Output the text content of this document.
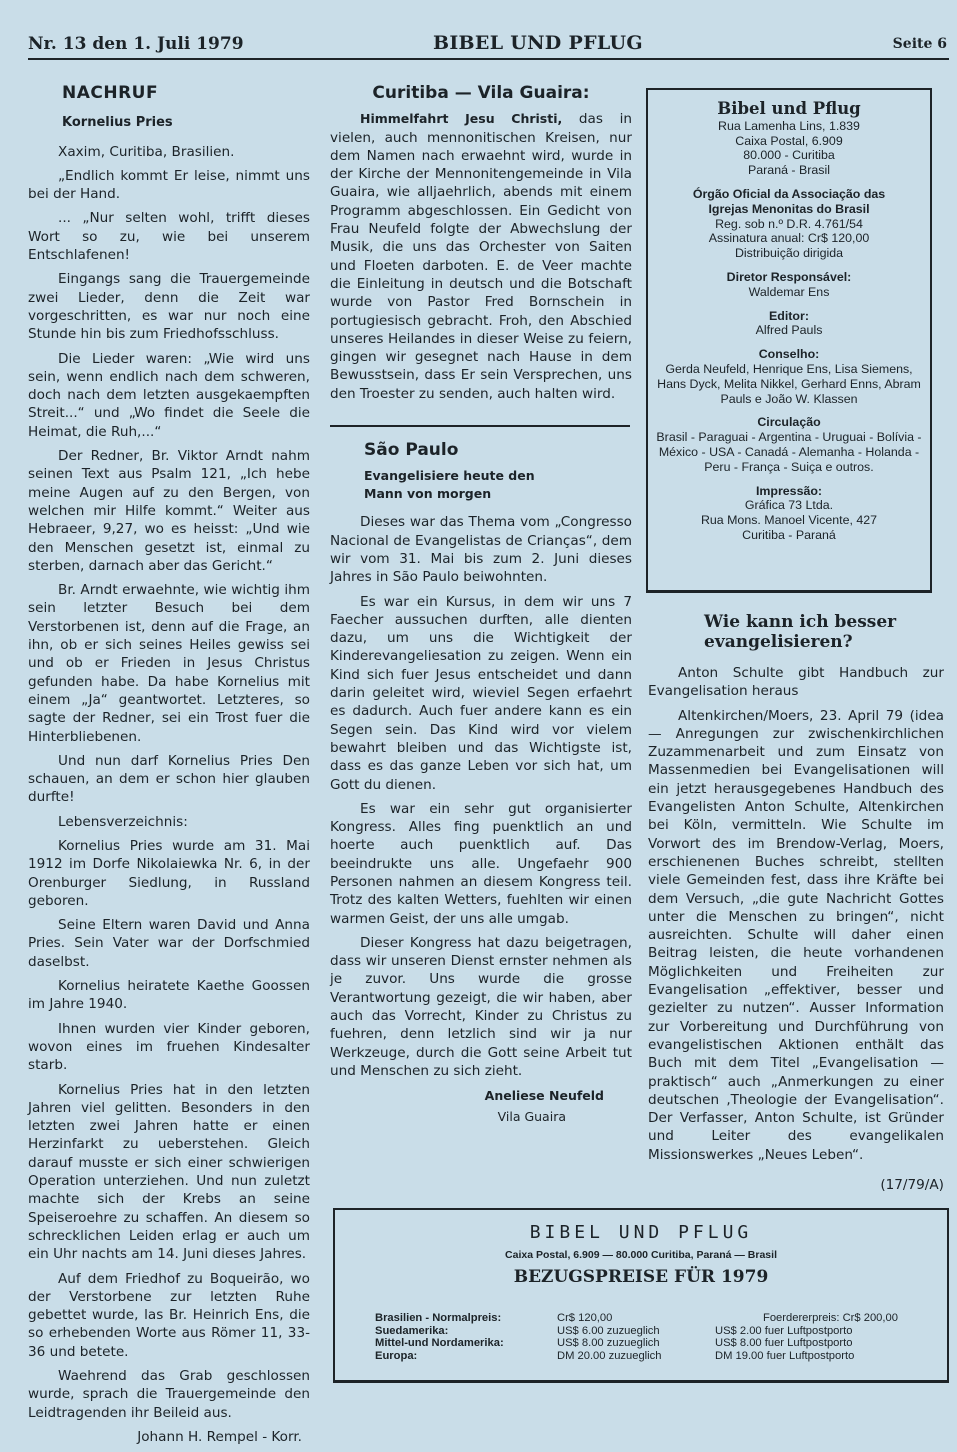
Nr. 13 den 1. Juli 1979	BIBEL UND PFLUG	Seite 6
NACHRUF
Kornelius Pries

Xaxim, Curitiba, Brasilien.

„Endlich kommt Er leise, nimmt uns bei der Hand.

... „Nur selten wohl, trifft dieses Wort so zu, wie bei unserem Entschlafenen!

Eingangs sang die Trauergemeinde zwei Lieder, denn die Zeit war vorgeschritten, es war nur noch eine Stunde hin bis zum Friedhofsschluss.

Die Lieder waren: „Wie wird uns sein, wenn endlich nach dem schweren, doch nach dem letzten ausgekaempften Streit...“ und „Wo findet die Seele die Heimat, die Ruh,...“

Der Redner, Br. Viktor Arndt nahm seinen Text aus Psalm 121, „Ich hebe meine Augen auf zu den Bergen, von welchen mir Hilfe kommt.“ Weiter aus Hebraeer, 9,27, wo es heisst: „Und wie den Menschen gesetzt ist, einmal zu sterben, darnach aber das Gericht.“

Br. Arndt erwaehnte, wie wichtig ihm sein letzter Besuch bei dem Verstorbenen ist, denn auf die Frage, an ihn, ob er sich seines Heiles gewiss sei und ob er Frieden in Jesus Christus gefunden habe. Da habe Kornelius mit einem „Ja“ geantwortet. Letzteres, so sagte der Redner, sei ein Trost fuer die Hinterbliebenen.

Und nun darf Kornelius Pries Den schauen, an dem er schon hier glauben durfte!

Lebensverzeichnis:

Kornelius Pries wurde am 31. Mai 1912 im Dorfe Nikolaiewka Nr. 6, in der Orenburger Siedlung, in Russland geboren.

Seine Eltern waren David und Anna Pries. Sein Vater war der Dorfschmied daselbst.

Kornelius heiratete Kaethe Goossen im Jahre 1940.

Ihnen wurden vier Kinder geboren, wovon eines im fruehen Kindesalter starb.

Kornelius Pries hat in den letzten Jahren viel gelitten. Besonders in den letzten zwei Jahren hatte er einen Herzinfarkt zu ueberstehen. Gleich darauf musste er sich einer schwierigen Operation unterziehen. Und nun zuletzt machte sich der Krebs an seine Speiseroehre zu schaffen. An diesem so schrecklichen Leiden erlag er auch um ein Uhr nachts am 14. Juni dieses Jahres.

Auf dem Friedhof zu Boqueirão, wo der Verstorbene zur letzten Ruhe gebettet wurde, las Br. Heinrich Ens, die so erhebenden Worte aus Römer 11, 33-36 und betete.

Waehrend das Grab geschlossen wurde, sprach die Trauergemeinde den Leidtragenden ihr Beileid aus.

Johann H. Rempel - Korr.

Curitiba — Vila Guaira:

Himmelfahrt Jesu Christi, das in vielen, auch mennonitischen Kreisen, nur dem Namen nach erwaehnt wird, wurde in der Kirche der Mennonitengemeinde in Vila Guaira, wie alljaehrlich, abends mit einem Programm abgeschlossen. Ein Gedicht von Frau Neufeld folgte der Abwechslung der Musik, die uns das Orchester von Saiten und Floeten darboten. E. de Veer machte die Einleitung in deutsch und die Botschaft wurde von Pastor Fred Bornschein in portugiesisch gebracht. Froh, den Abschied unseres Heilandes in dieser Weise zu feiern, gingen wir gesegnet nach Hause in dem Bewusstsein, dass Er sein Versprechen, uns den Troester zu senden, auch halten wird.

São Paulo
Evangelisiere heute den
Mann von morgen

Dieses war das Thema vom „Congresso Nacional de Evangelistas de Crianças“, dem wir vom 31. Mai bis zum 2. Juni dieses Jahres in São Paulo beiwohnten.

Es war ein Kursus, in dem wir uns 7 Faecher aussuchen durften, alle dienten dazu, um uns die Wichtigkeit der Kinderevangeliesation zu zeigen. Wenn ein Kind sich fuer Jesus entscheidet und dann darin geleitet wird, wieviel Segen erfaehrt es dadurch. Auch fuer andere kann es ein Segen sein. Das Kind wird vor vielem bewahrt bleiben und das Wichtigste ist, dass es das ganze Leben vor sich hat, um Gott du dienen.

Es war ein sehr gut organisierter Kongress. Alles fing puenktlich an und hoerte auch puenktlich auf. Das beeindrukte uns alle. Ungefaehr 900 Personen nahmen an diesem Kongress teil. Trotz des kalten Wetters, fuehlten wir einen warmen Geist, der uns alle umgab.

Dieser Kongress hat dazu beigetragen, dass wir unseren Dienst ernster nehmen als je zuvor. Uns wurde die grosse Verantwortung gezeigt, die wir haben, aber auch das Vorrecht, Kinder zu Christus zu fuehren, denn letzlich sind wir ja nur Werkzeuge, durch die Gott seine Arbeit tut und Menschen zu sich zieht.

Aneliese Neufeld

Vila Guaira

Bibel und Pflug
Rua Lamenha Lins, 1.839
Caixa Postal, 6.909
80.000 - Curitiba
Paraná - Brasil
Órgão Oficial da Associação das
Igrejas Menonitas do Brasil
Reg. sob n.º D.R. 4.761/54
Assinatura anual: Cr$ 120,00
Distribuição dirigida
Diretor Responsável:
Waldemar Ens
Editor:
Alfred Pauls
Conselho:
Gerda Neufeld, Henrique Ens, Lisa Siemens, Hans Dyck, Melita Nikkel, Gerhard Enns, Abram Pauls e João W. Klassen
Circulação
Brasil - Paraguai - Argentina - Uruguai - Bolívia - México - USA - Canadá - Alemanha - Holanda - Peru - França - Suiça e outros.
Impressão:
Gráfica 73 Ltda.
Rua Mons. Manoel Vicente, 427
Curitiba - Paraná
Wie kann ich besser
evangelisieren?

Anton Schulte gibt Handbuch zur Evangelisation heraus

Altenkirchen/Moers, 23. April 79 (idea — Anregungen zur zwischenkirchlichen Zuzammenarbeit und zum Einsatz von Massenmedien bei Evangelisationen will ein jetzt herausgegebenes Handbuch des Evangelisten Anton Schulte, Altenkirchen bei Köln, vermitteln. Wie Schulte im Vorwort des im Brendow-Verlag, Moers, erschienenen Buches schreibt, stellten viele Gemeinden fest, dass ihre Kräfte bei dem Versuch, „die gute Nachricht Gottes unter die Menschen zu bringen“, nicht ausreichten. Schulte will daher einen Beitrag leisten, die heute vorhandenen Möglichkeiten und Freiheiten zur Evangelisation „effektiver, besser und gezielter zu nutzen“. Ausser Information zur Vorbereitung und Durchführung von evangelistischen Aktionen enthält das Buch mit dem Titel „Evangelisation — praktisch“ auch „Anmerkungen zu einer deutschen ‚Theologie der Evangelisation“. Der Verfasser, Anton Schulte, ist Gründer und Leiter des evangelikalen Missionswerkes „Neues Leben“.

(17/79/A)
BIBEL UND PFLUG
Caixa Postal, 6.909 — 80.000 Curitiba, Paraná — Brasil
BEZUGSPREISE FÜR 1979
Brasilien - Normalpreis:	Cr$ 120,00	Foerdererpreis: Cr$ 200,00
Suedamerika:	US$ 6.00 zuzueglich	US$ 2.00 fuer Luftpostporto
Mittel-und Nordamerika:	US$ 8.00 zuzueglich	US$ 8.00 fuer Luftpostporto
Europa:	DM 20.00 zuzueglich	DM 19.00 fuer Luftpostporto
